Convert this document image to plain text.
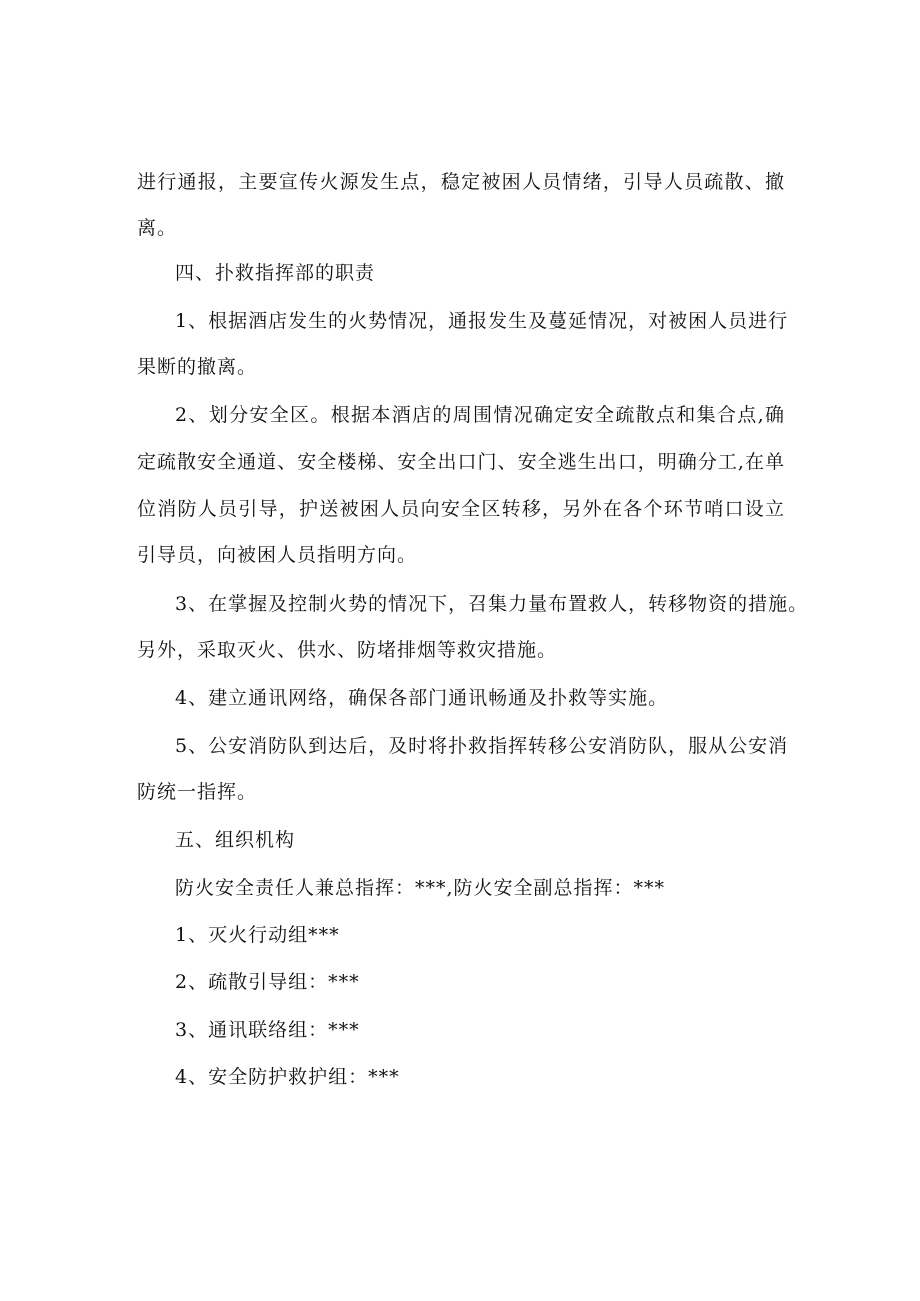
进行通报，主要宣传火源发生点，稳定被困人员情绪，引导人员疏散、撤
离。
四、扑救指挥部的职责
1、根据酒店发生的火势情况，通报发生及蔓延情况，对被困人员进行
果断的撤离。
2、划分安全区。根据本酒店的周围情况确定安全疏散点和集合点,确
定疏散安全通道、安全楼梯、安全出口门、安全逃生出口，明确分工,在单
位消防人员引导，护送被困人员向安全区转移，另外在各个环节哨口设立
引导员，向被困人员指明方向。
3、在掌握及控制火势的情况下，召集力量布置救人，转移物资的措施。
另外，采取灭火、供水、防堵排烟等救灾措施。
4、建立通讯网络，确保各部门通讯畅通及扑救等实施。
5、公安消防队到达后，及时将扑救指挥转移公安消防队，服从公安消
防统一指挥。
五、组织机构
防火安全责任人兼总指挥：***,防火安全副总指挥：***
1、灭火行动组***
2、疏散引导组：***
3、通讯联络组：***
4、安全防护救护组：***
